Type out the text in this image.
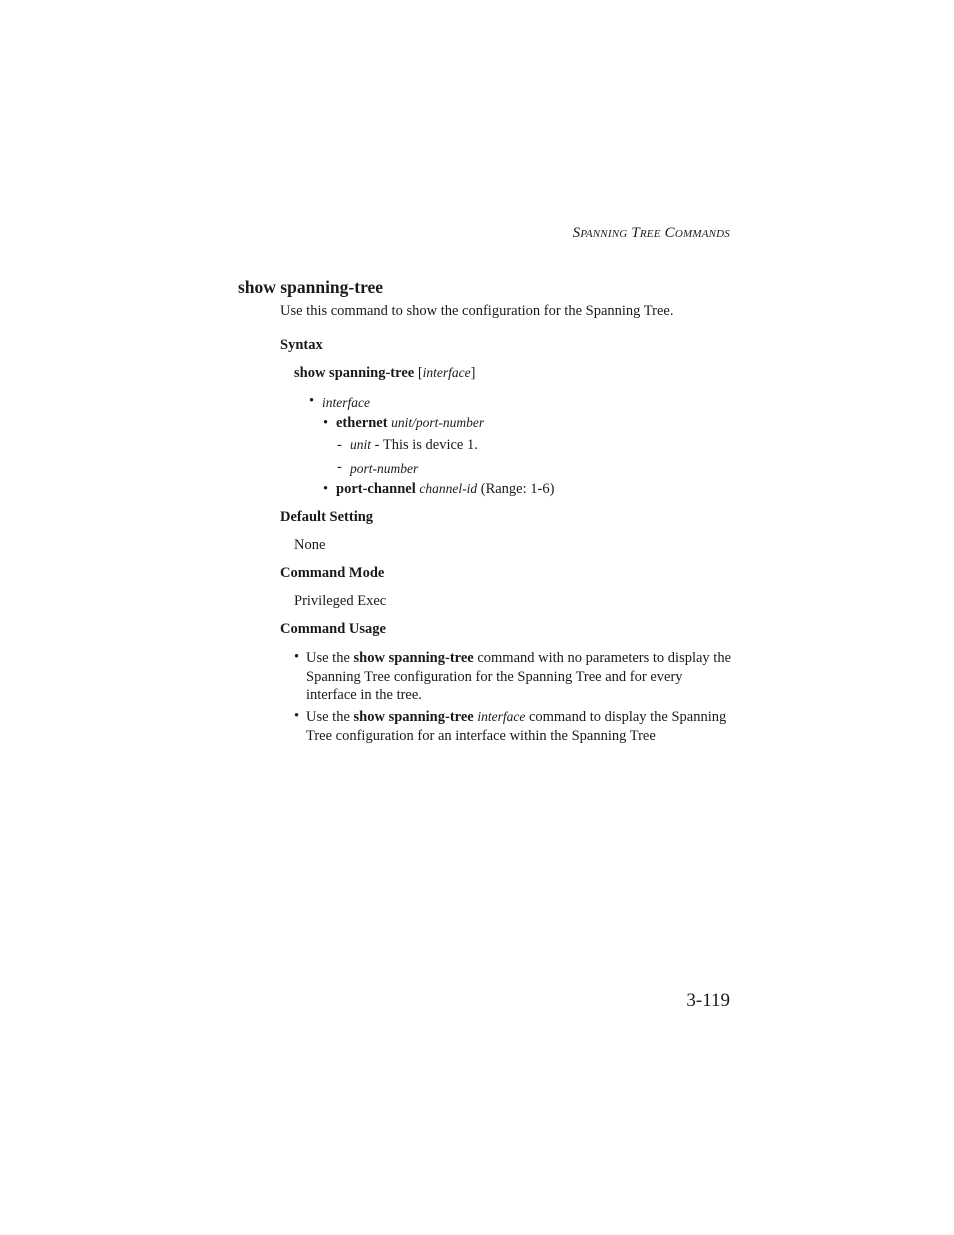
SPANNING TREE COMMANDS
show spanning-tree
Use this command to show the configuration for the Spanning Tree.
Syntax
show spanning-tree [interface]
• interface
• ethernet unit/port-number
- unit - This is device 1.
- port-number
• port-channel channel-id (Range: 1-6)
Default Setting
None
Command Mode
Privileged Exec
Command Usage
• Use the show spanning-tree command with no parameters to display the Spanning Tree configuration for the Spanning Tree and for every interface in the tree.
• Use the show spanning-tree interface command to display the Spanning Tree configuration for an interface within the Spanning Tree
3-119
